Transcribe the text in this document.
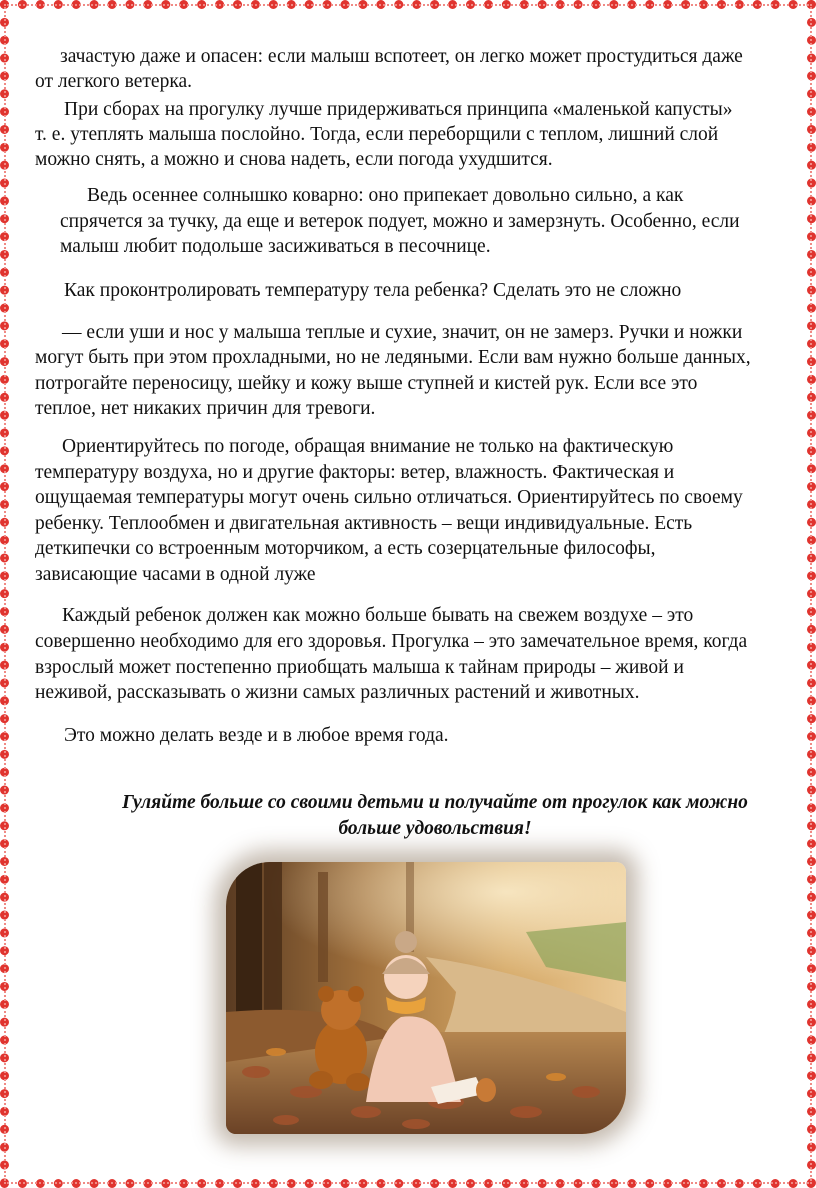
зачастую даже и опасен: если малыш вспотеет, он легко может простудиться даже

от легкого ветерка.

При сборах на прогулку лучше придерживаться принципа «маленькой капусты»

т. е. утеплять малыша послойно. Тогда, если переборщили с теплом, лишний слой

можно снять, а можно и снова надеть, если погода ухудшится.

Ведь осеннее солнышко коварно: оно припекает довольно сильно, а как

спрячется за тучку, да еще и ветерок подует, можно и замерзнуть. Особенно, если

малыш любит подольше засиживаться в песочнице.

Как проконтролировать температуру тела ребенка? Сделать это не сложно

— если уши и нос у малыша теплые и сухие, значит, он не замерз. Ручки и ножки

могут быть при этом прохладными, но не ледяными. Если вам нужно больше данных,

потрогайте переносицу, шейку и кожу выше ступней и кистей рук. Если все это

теплое, нет никаких причин для тревоги.

Ориентируйтесь по погоде, обращая внимание не только на фактическую

температуру воздуха, но и другие факторы: ветер, влажность. Фактическая и

ощущаемая температуры могут очень сильно отличаться. Ориентируйтесь по своему

ребенку. Теплообмен и двигательная активность – вещи индивидуальные. Есть

деткипечки со встроенным моторчиком, а есть созерцательные философы,

зависающие часами в одной луже

Каждый ребенок должен как можно больше бывать на свежем воздухе – это

совершенно необходимо для его здоровья. Прогулка – это замечательное время, когда

взрослый может постепенно приобщать малыша к тайнам природы – живой и

неживой, рассказывать о жизни самых различных растений и животных.

Это можно делать везде и в любое время года.

Гуляйте больше со своими детьми и получайте от прогулок как можно
больше удовольствия!
